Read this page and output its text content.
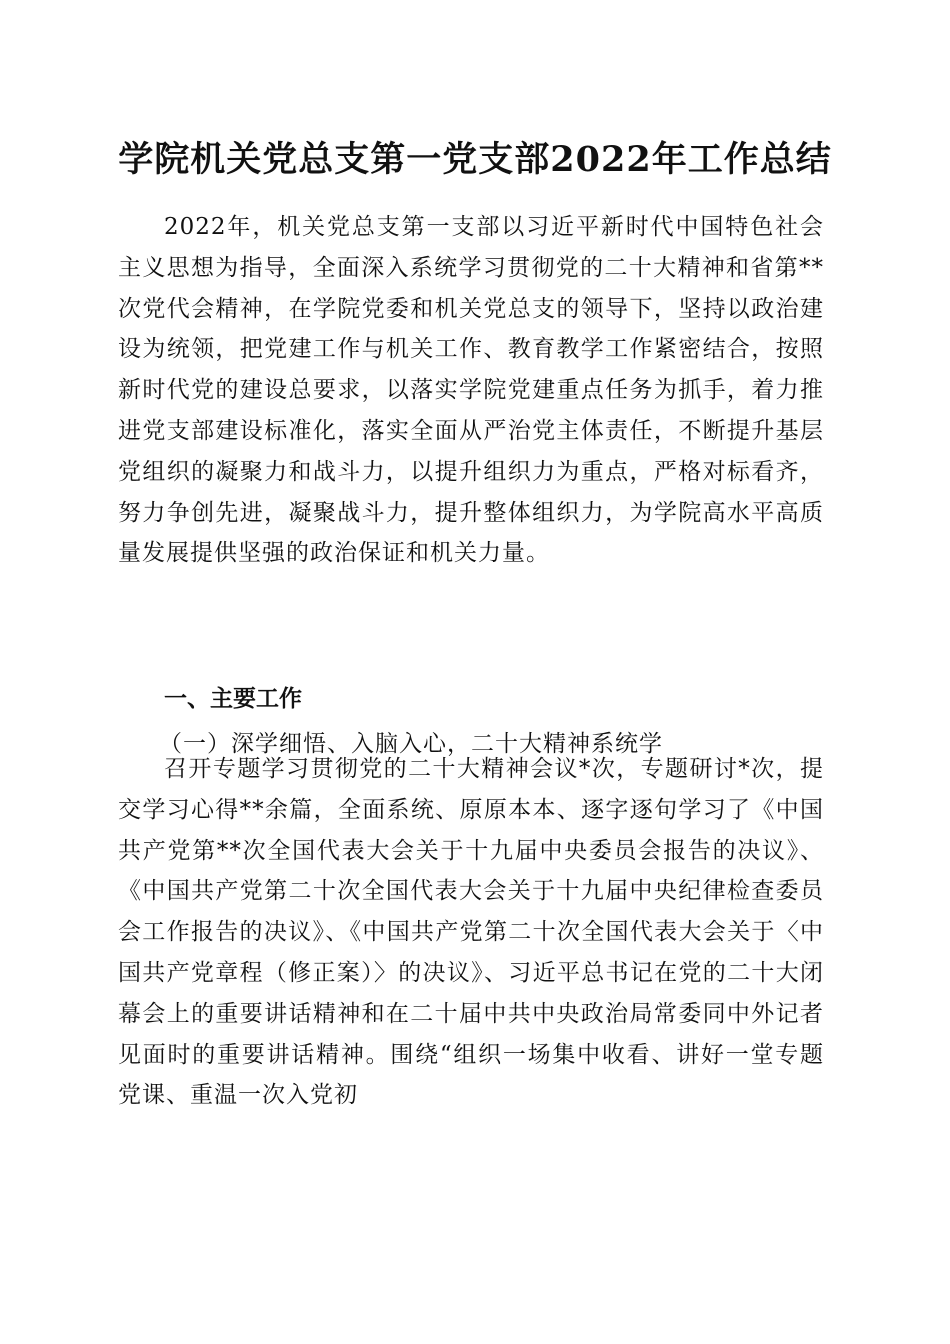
学院机关党总支第一党支部2022年工作总结

2022年，机关党总支第一支部以习近平新时代中国特色社会主义思想为指导，全面深入系统学习贯彻党的二十大精神和省第**次党代会精神，在学院党委和机关党总支的领导下，坚持以政治建设为统领，把党建工作与机关工作、教育教学工作紧密结合，按照新时代党的建设总要求，以落实学院党建重点任务为抓手，着力推进党支部建设标准化，落实全面从严治党主体责任，不断提升基层党组织的凝聚力和战斗力，以提升组织力为重点，严格对标看齐，努力争创先进，凝聚战斗力，提升整体组织力，为学院高水平高质量发展提供坚强的政治保证和机关力量。

一、主要工作
（一）深学细悟、入脑入心，二十大精神系统学

召开专题学习贯彻党的二十大精神会议*次，专题研讨*次，提交学习心得**余篇，全面系统、原原本本、逐字逐句学习了《中国共产党第**次全国代表大会关于十九届中央委员会报告的决议》、《中国共产党第二十次全国代表大会关于十九届中央纪律检查委员会工作报告的决议》、《中国共产党第二十次全国代表大会关于〈中国共产党章程（修正案）〉的决议》、习近平总书记在党的二十大闭幕会上的重要讲话精神和在二十届中共中央政治局常委同中外记者见面时的重要讲话精神。围绕“组织一场集中收看、讲好一堂专题党课、重温一次入党初
